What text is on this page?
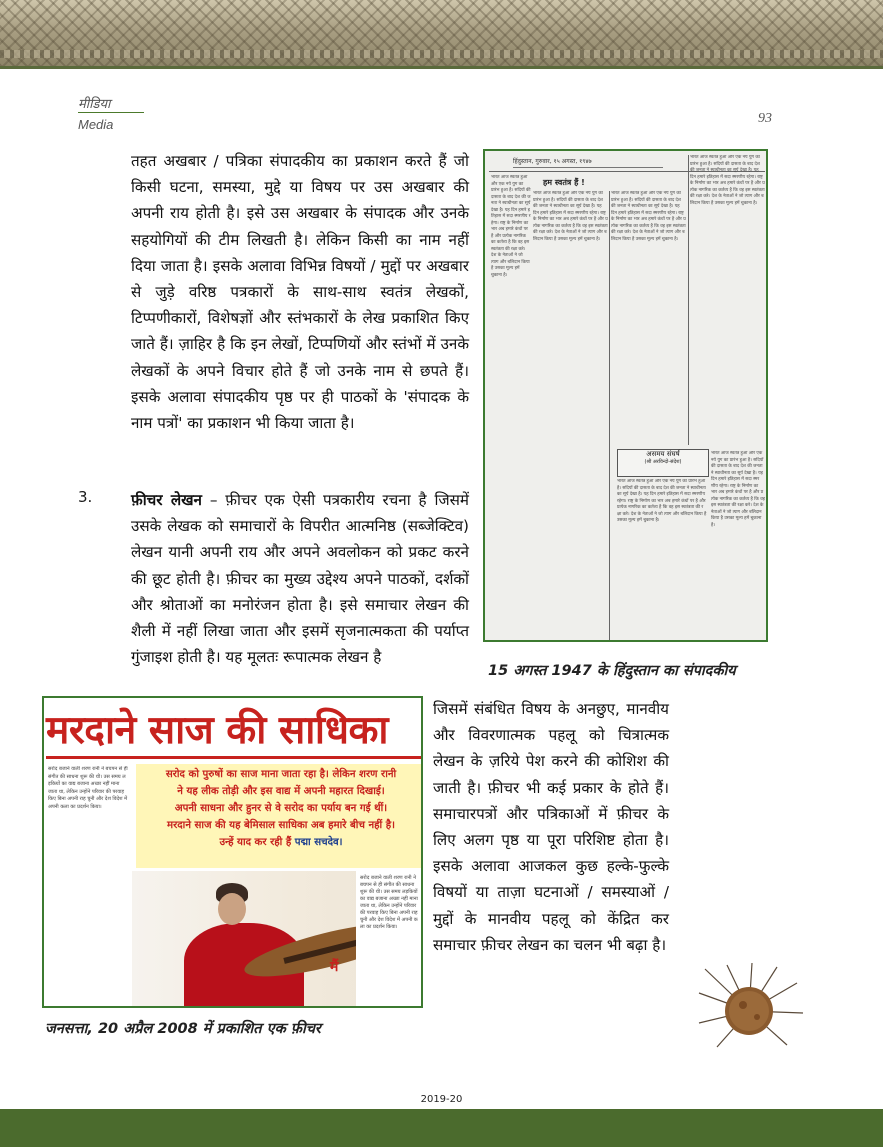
मीडिया
Media	93

तहत अखबार / पत्रिका संपादकीय का प्रकाशन करते हैं जो किसी घटना, समस्या, मुद्दे या विषय पर उस अखबार की अपनी राय होती है। इसे उस अखबार के संपादक और उनके सहयोगियों की टीम लिखती है। लेकिन किसी का नाम नहीं दिया जाता है। इसके अलावा विभिन्न विषयों / मुद्दों पर अखबार से जुड़े वरिष्ठ पत्रकारों के साथ-साथ स्वतंत्र लेखकों, टिप्पणीकारों, विशेषज्ञों और स्तंभकारों के लेख प्रकाशित किए जाते हैं। ज़ाहिर है कि इन लेखों, टिप्पणियों और स्तंभों में उनके लेखकों के अपने विचार होते हैं जो उनके नाम से छपते हैं। इसके अलावा संपादकीय पृष्ठ पर ही पाठकों के 'संपादक के नाम पत्रों' का प्रकाशन भी किया जाता है।

3.	फ़ीचर लेखन – फ़ीचर एक ऐसी पत्रकारीय रचना है जिसमें उसके लेखक को समाचारों के विपरीत आत्मनिष्ठ (सब्जेक्टिव) लेखन यानी अपनी राय और अपने अवलोकन को प्रकट करने की छूट होती है। फ़ीचर का मुख्य उद्देश्य अपने पाठकों, दर्शकों और श्रोताओं का मनोरंजन होता है। इसे समाचार लेखन की शैली में नहीं लिखा जाता और इसमें सृजनात्मकता की पर्याप्त गुंजाइश होती है। यह मूलतः रूपात्मक लेखन है

हिंदुस्तान, गुरुवार, १५ अगस्त, १९४७
भारत आज स्वतंत्र हुआ और एक नये युग का प्रारंभ हुआ है। सदियों की दासता के बाद देश की जनता ने स्वाधीनता का सूर्य देखा है। यह दिन हमारे इतिहास में सदा स्मरणीय रहेगा। राष्ट्र के निर्माण का भार अब हमारे कंधों पर है और प्रत्येक नागरिक का कर्तव्य है कि वह इस स्वतंत्रता की रक्षा करे। देश के नेताओं ने जो त्याग और बलिदान किया है उसका मूल्य हमें चुकाना है।
हम स्वतंत्र हैं !
भारत आज स्वतंत्र हुआ और एक नये युग का प्रारंभ हुआ है। सदियों की दासता के बाद देश की जनता ने स्वाधीनता का सूर्य देखा है। यह दिन हमारे इतिहास में सदा स्मरणीय रहेगा। राष्ट्र के निर्माण का भार अब हमारे कंधों पर है और प्रत्येक नागरिक का कर्तव्य है कि वह इस स्वतंत्रता की रक्षा करे। देश के नेताओं ने जो त्याग और बलिदान किया है उसका मूल्य हमें चुकाना है।
भारत आज स्वतंत्र हुआ और एक नये युग का प्रारंभ हुआ है। सदियों की दासता के बाद देश की जनता ने स्वाधीनता का सूर्य देखा है। यह दिन हमारे इतिहास में सदा स्मरणीय रहेगा। राष्ट्र के निर्माण का भार अब हमारे कंधों पर है और प्रत्येक नागरिक का कर्तव्य है कि वह इस स्वतंत्रता की रक्षा करे। देश के नेताओं ने जो त्याग और बलिदान किया है उसका मूल्य हमें चुकाना है।
भारत आज स्वतंत्र हुआ और एक नये युग का प्रारंभ हुआ है। सदियों की दासता के बाद देश की जनता ने स्वाधीनता का सूर्य देखा है। यह दिन हमारे इतिहास में सदा स्मरणीय रहेगा। राष्ट्र के निर्माण का भार अब हमारे कंधों पर है और प्रत्येक नागरिक का कर्तव्य है कि वह इस स्वतंत्रता की रक्षा करे। देश के नेताओं ने जो त्याग और बलिदान किया है उसका मूल्य हमें चुकाना है।
असमय संघर्ष
(श्री अरविन्दो-संदेश)
भारत आज स्वतंत्र हुआ और एक नये युग का प्रारंभ हुआ है। सदियों की दासता के बाद देश की जनता ने स्वाधीनता का सूर्य देखा है। यह दिन हमारे इतिहास में सदा स्मरणीय रहेगा। राष्ट्र के निर्माण का भार अब हमारे कंधों पर है और प्रत्येक नागरिक का कर्तव्य है कि वह इस स्वतंत्रता की रक्षा करे। देश के नेताओं ने जो त्याग और बलिदान किया है उसका मूल्य हमें चुकाना है।
भारत आज स्वतंत्र हुआ और एक नये युग का प्रारंभ हुआ है। सदियों की दासता के बाद देश की जनता ने स्वाधीनता का सूर्य देखा है। यह दिन हमारे इतिहास में सदा स्मरणीय रहेगा। राष्ट्र के निर्माण का भार अब हमारे कंधों पर है और प्रत्येक नागरिक का कर्तव्य है कि वह इस स्वतंत्रता की रक्षा करे। देश के नेताओं ने जो त्याग और बलिदान किया है उसका मूल्य हमें चुकाना है।
15 अगस्त 1947 के हिंदुस्तान का संपादकीय
मरदाने साज की साधिका
सरोद बजाने वाली शरण रानी ने बचपन से ही संगीत की साधना शुरू की थी। उस समय लड़कियों का वाद्य बजाना अच्छा नहीं माना जाता था, लेकिन उन्होंने परिवार की परवाह किए बिना अपनी राह चुनी और देश विदेश में अपनी कला का प्रदर्शन किया।
सरोद को पुरुषों का साज माना जाता रहा है। लेकिन शरण रानी
ने यह लीक तोड़ी और इस वाद्य में अपनी महारत दिखाई।
अपनी साधना और हुनर से वे सरोद का पर्याय बन गई थीं।
मरदाने साज की यह बेमिसाल साधिका अब हमारे बीच नहीं है।
उन्हें याद कर रही हैं पद्मा सचदेव।
सरोद बजाने वाली शरण रानी ने बचपन से ही संगीत की साधना शुरू की थी। उस समय लड़कियों का वाद्य बजाना अच्छा नहीं माना जाता था, लेकिन उन्होंने परिवार की परवाह किए बिना अपनी राह चुनी और देश विदेश में अपनी कला का प्रदर्शन किया।
मैं
जनसत्ता, 20 अप्रैल 2008 में प्रकाशित एक फ़ीचर

जिसमें संबंधित विषय के अनछुए, मानवीय और विवरणात्मक पहलू को चित्रात्मक लेखन के ज़रिये पेश करने की कोशिश की जाती है। फ़ीचर भी कई प्रकार के होते हैं। समाचारपत्रों और पत्रिकाओं में फ़ीचर के लिए अलग पृष्ठ या पूरा परिशिष्ट होता है। इसके अलावा आजकल कुछ हल्के-फुल्के विषयों या ताज़ा घटनाओं / समस्याओं / मुद्दों के मानवीय पहलू को केंद्रित कर समाचार फ़ीचर लेखन का चलन भी बढ़ा है।

2019-20
